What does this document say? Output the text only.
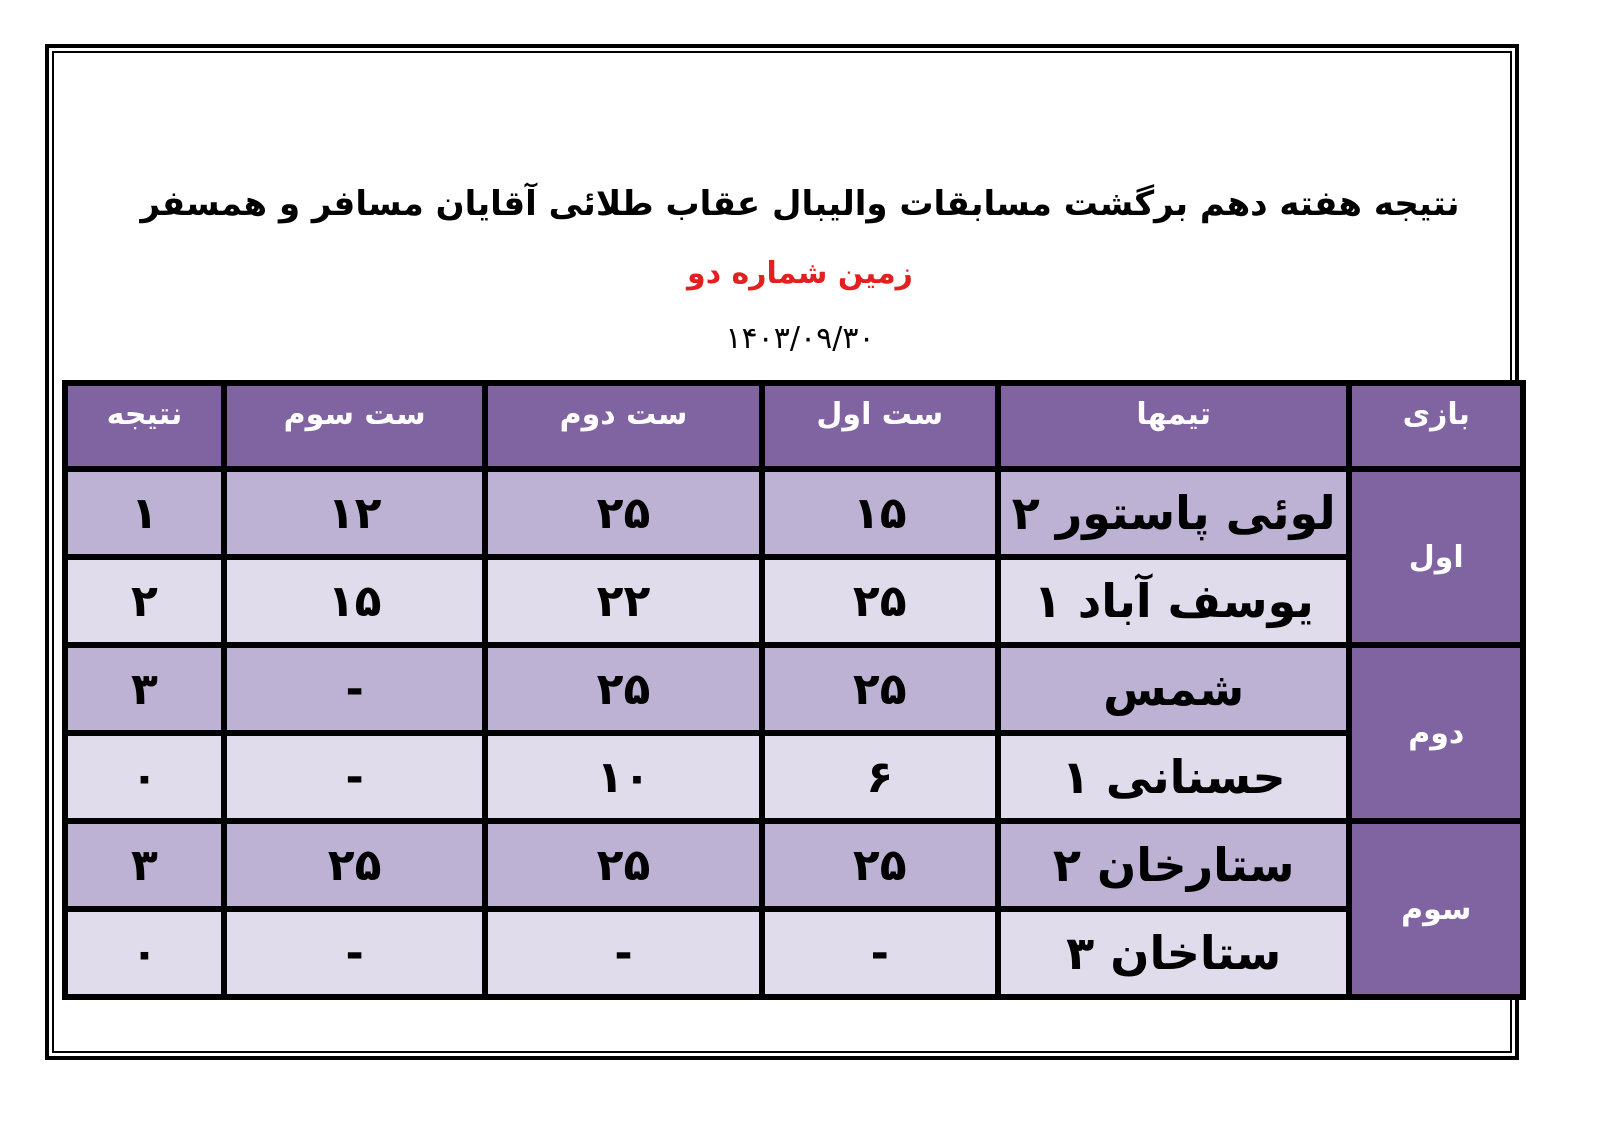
نتیجه هفته دهم برگشت مسابقات والیبال عقاب طلائی آقایان مسافر و همسفر
زمین شماره دو
۱۴۰۳/۰۹/۳۰
بازی	تیمها	ست اول	ست دوم	ست سوم	نتیجه

اول	لوئی پاستور ۲	۱۵	۲۵	۱۲	۱
	یوسف آباد ۱	۲۵	۲۲	۱۵	۲
دوم	شمس	۲۵	۲۵	-	۳
	حسنانی ۱	۶	۱۰	-	۰
سوم	ستارخان ۲	۲۵	۲۵	۲۵	۳
	ستاخان ۳	-	-	-	۰
